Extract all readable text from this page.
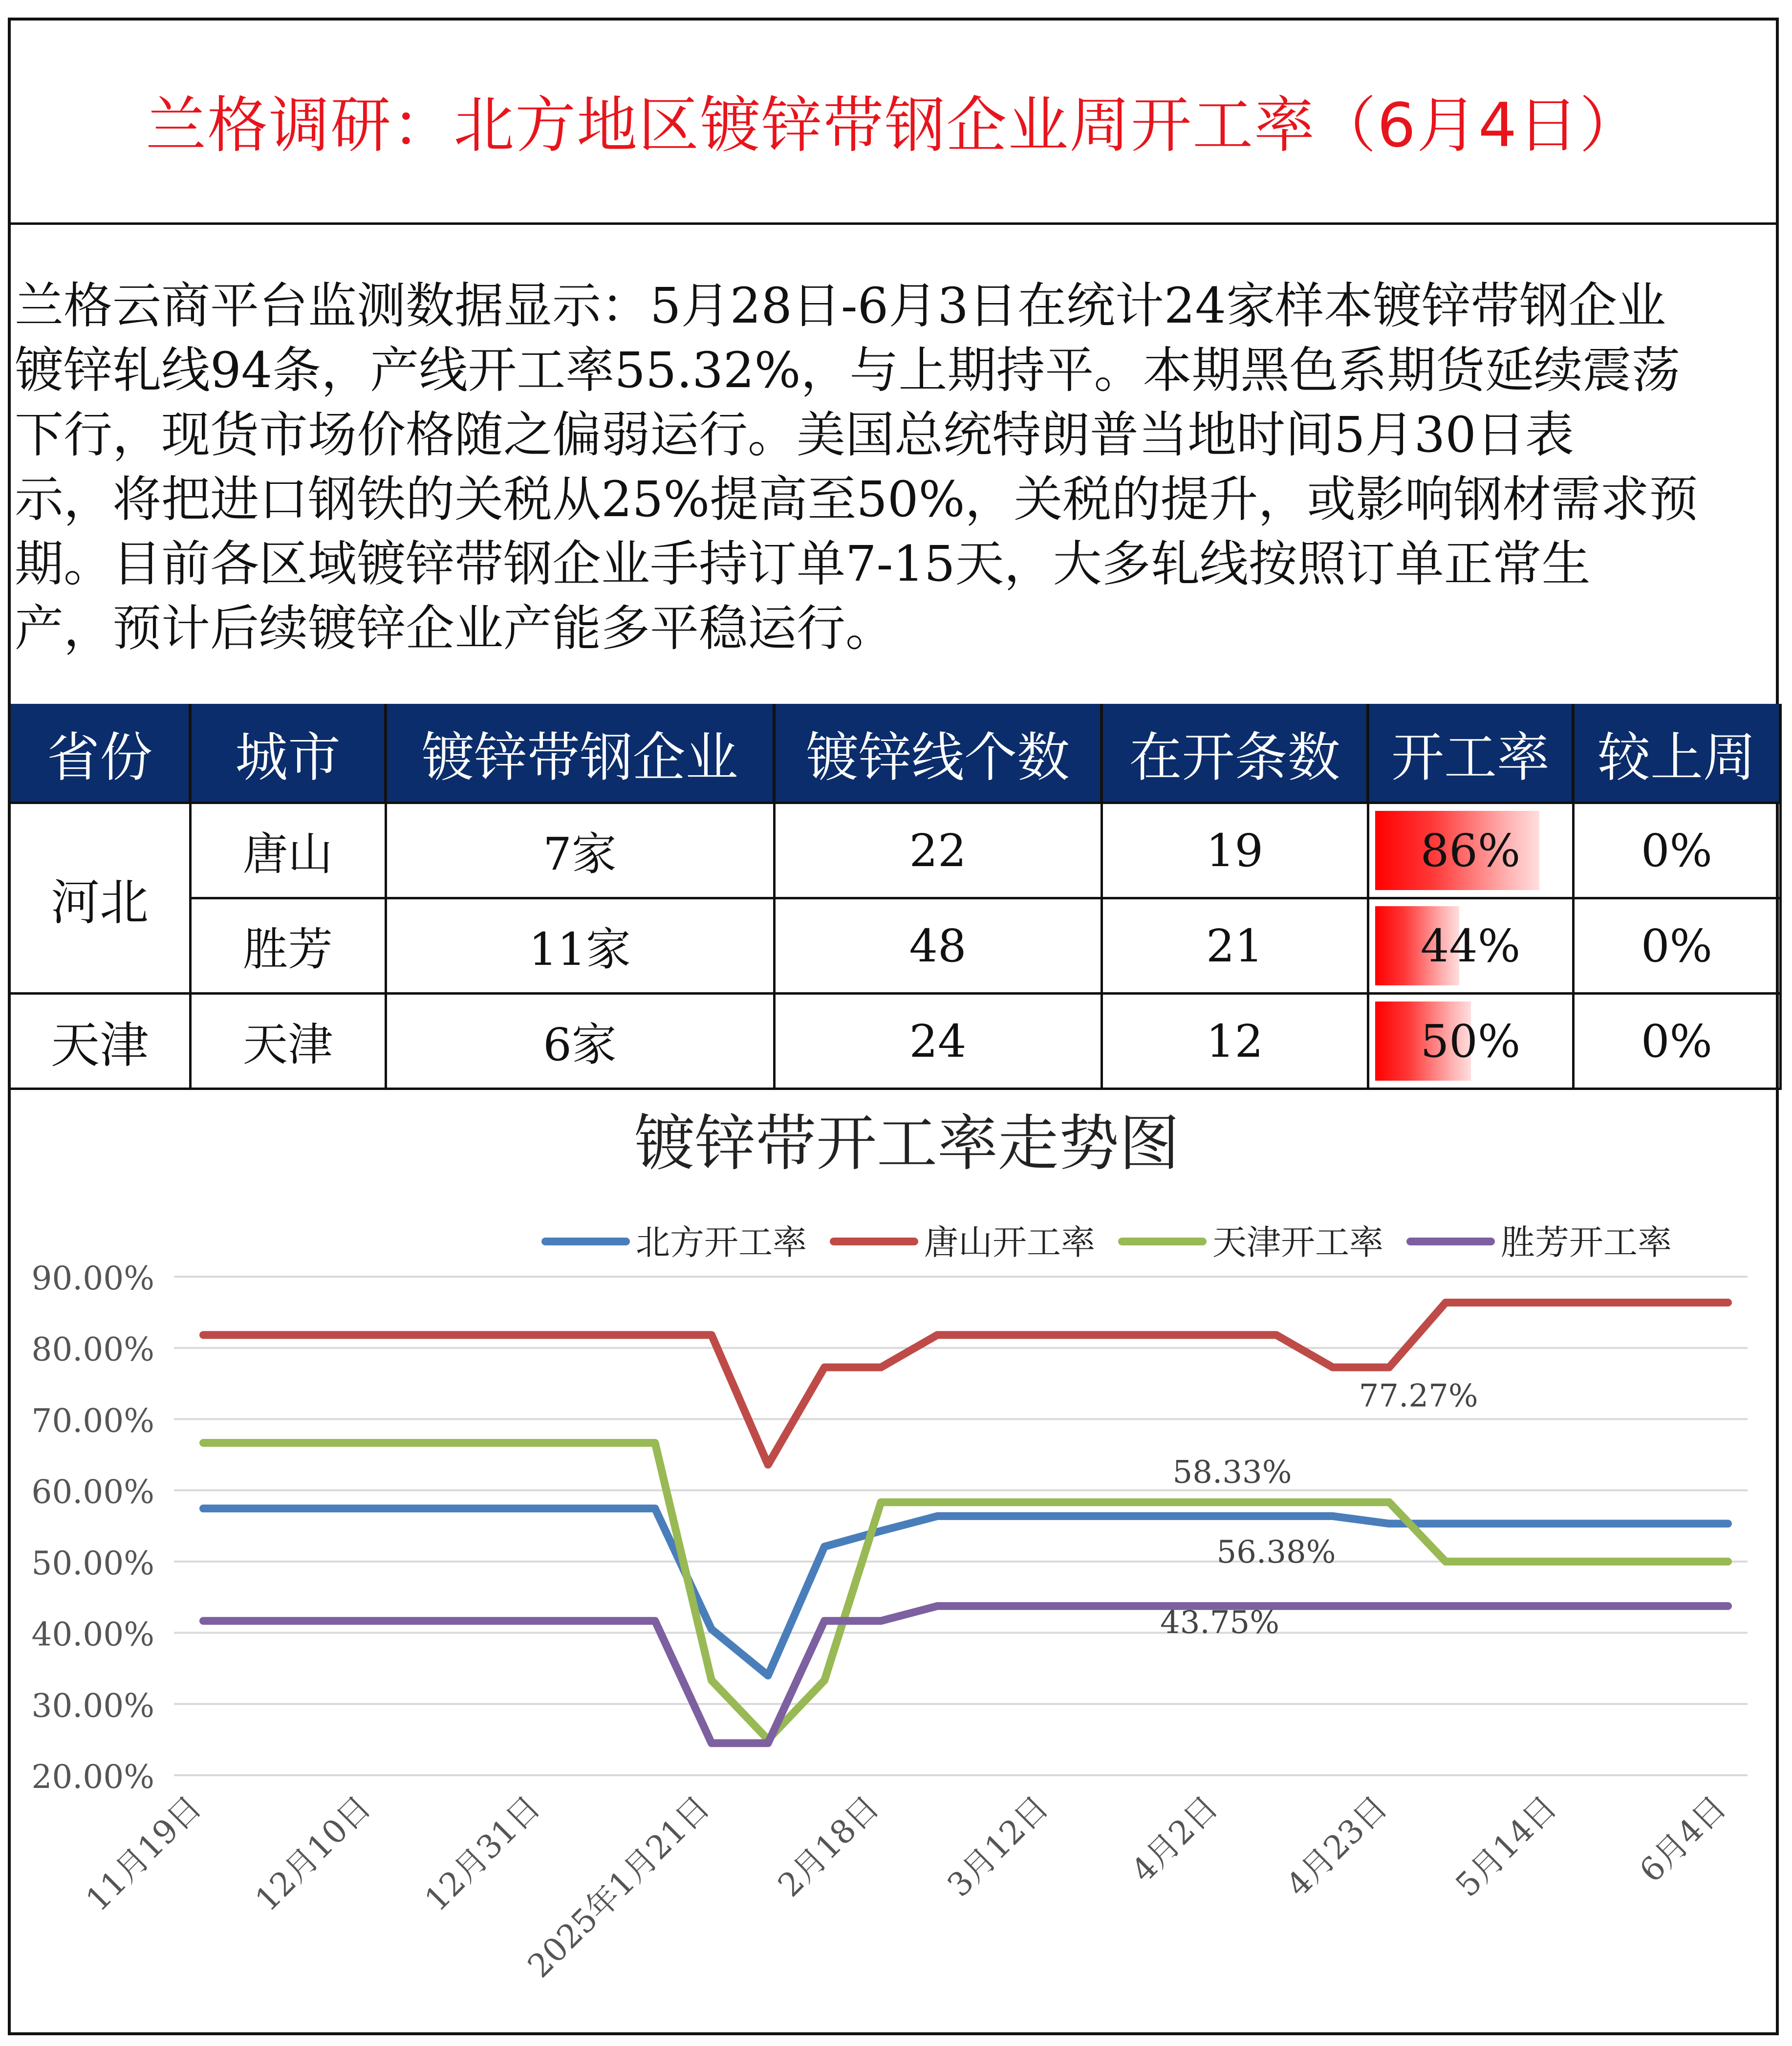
兰格调研：北方地区镀锌带钢企业周开工率（6月4日）
兰格云商平台监测数据显示：5月28日-6月3日在统计24家样本镀锌带钢企业
镀锌轧线94条，产线开工率55.32%，与上期持平。本期黑色系期货延续震荡
下行，现货市场价格随之偏弱运行。美国总统特朗普当地时间5月30日表
示，将把进口钢铁的关税从25%提高至50%，关税的提升，或影响钢材需求预
期。目前各区域镀锌带钢企业手持订单7-15天，大多轧线按照订单正常生
产，预计后续镀锌企业产能多平稳运行。
省份	城市	镀锌带钢企业	镀锌线个数	在开条数	开工率	较上周
河北	唐山	7家	22	19	86%	0%
	胜芳	11家	48	21	44%	0%
天津	天津	6家	24	12	50%	0%
镀锌带开工率走势图
北方开工率	唐山开工率	天津开工率	胜芳开工率
90.00%
80.00%
70.00%
60.00%
50.00%
40.00%
30.00%
20.00%
11月19日 12月10日 12月31日
2025年1月21日 2月18日 3月12日 4月2日 4月23日 5月14日 6月4日
77.27%
58.33%
56.38%
43.75%
